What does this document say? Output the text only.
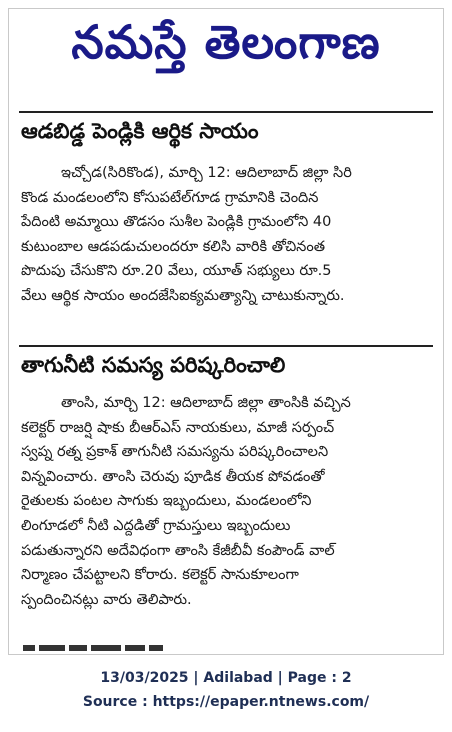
నమస్తే తెలంగాణ
ఆడబిడ్డ పెండ్లికి ఆర్థిక సాయం
ఇచ్చోడ(సిరికొండ), మార్చి 12: ఆదిలాబాద్ జిల్లా సిరి
కొండ మండలంలోని కోసుపటేల్‌గూడ గ్రామానికి చెందిన
పేదింటి అమ్మాయి తొడసం సుశీల పెండ్లికి గ్రామంలోని 40
కుటుంబాల ఆడపడుచులందరూ కలిసి వారికి తోచినంత
పొదుపు చేసుకొని రూ.20 వేలు, యూత్ సభ్యులు రూ.5
వేలు ఆర్థిక సాయం అందజేసిఐక్యమత్యాన్ని చాటుకున్నారు.
తాగునీటి సమస్య పరిష్కరించాలి
తాంసి, మార్చి 12: ఆదిలాబాద్ జిల్లా తాంసికి వచ్చిన
కలెక్టర్ రాజర్షి షాకు బీఆర్ఎస్ నాయకులు, మాజీ సర్పంచ్
స్వప్న రత్న ప్రకాశ్ తాగునీటి సమస్యను పరిష్కరించాలని
విన్నవించారు. తాంసి చెరువు పూడిక తీయక పోవడంతో
రైతులకు పంటల సాగుకు ఇబ్బందులు, మండలంలోని
లింగూడలో నీటి ఎద్దడితో గ్రామస్తులు ఇబ్బందులు
పడుతున్నారని అదేవిధంగా తాంసి కేజీబీవీ కంపౌండ్ వాల్
నిర్మాణం చేపట్టాలని కోరారు. కలెక్టర్ సానుకూలంగా
స్పందించినట్లు వారు తెలిపారు.
13/03/2025 | Adilabad | Page : 2
Source : https://epaper.ntnews.com/
